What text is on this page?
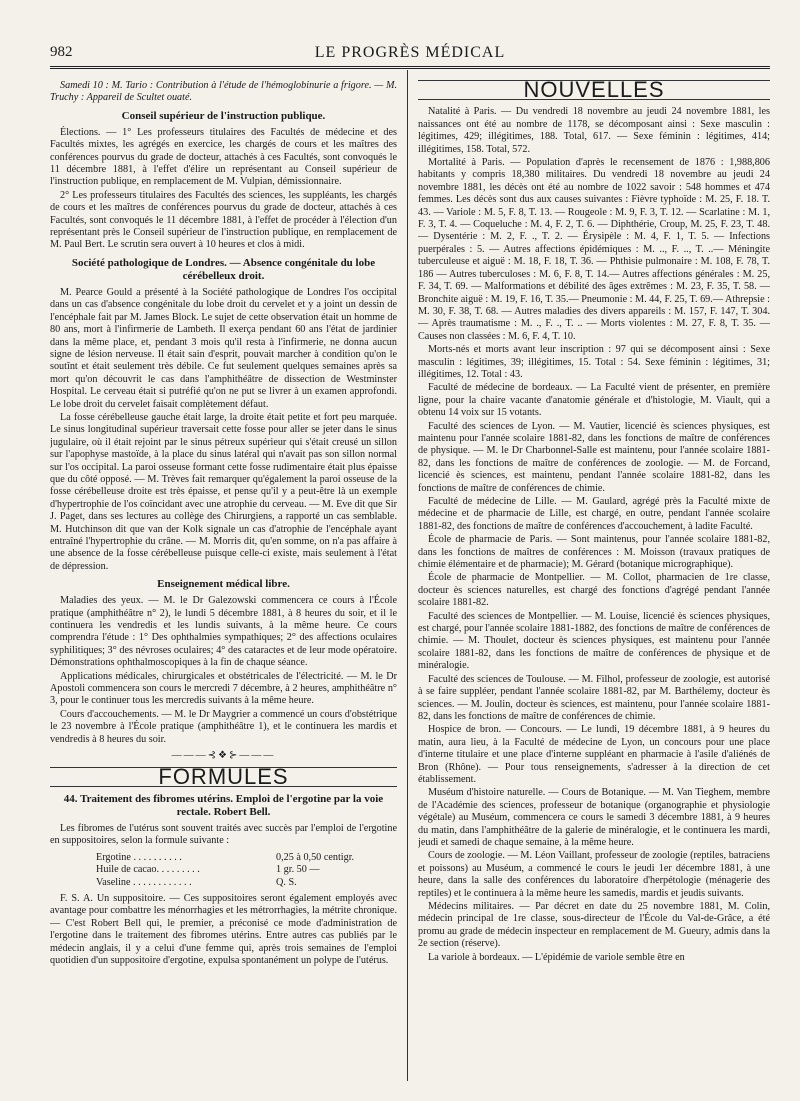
982	LE PROGRÈS MÉDICAL

Samedi 10 : M. Tario : Contribution à l'étude de l'hémoglobinurie a frigore. — M. Truchy : Appareil de Scultet ouaté.

Conseil supérieur de l'instruction publique.

Élections. — 1° Les professeurs titulaires des Facultés de médecine et des Facultés mixtes, les agrégés en exercice, les chargés de cours et les maîtres des conférences pourvus du grade de docteur, attachés à ces Facultés, sont convoqués le 11 décembre 1881, à l'effet d'élire un représentant au Conseil supérieur de l'instruction publique, en remplacement de M. Vulpian, démissionnaire.

2° Les professeurs titulaires des Facultés des sciences, les suppléants, les chargés de cours et les maîtres de conférences pourvus du grade de docteur, attachés à ces Facultés, sont convoqués le 11 décembre 1881, à l'effet de procéder à l'élection d'un représentant près le Conseil supérieur de l'instruction publique, en remplacement de M. Paul Bert. Le scrutin sera ouvert à 10 heures et clos à midi.

Société pathologique de Londres. — Absence congénitale du lobe cérébelleux droit.

M. Pearce Gould a présenté à la Société pathologique de Londres l'os occipital dans un cas d'absence congénitale du lobe droit du cervelet et y a joint un dessin de l'encéphale fait par M. James Block. Le sujet de cette observation était un homme de 80 ans, mort à l'infirmerie de Lambeth. Il exerça pendant 60 ans l'état de jardinier dans la même place, et, pendant 3 mois qu'il resta à l'infirmerie, ne donna aucun signe de lésion nerveuse. Il était sain d'esprit, pouvait marcher à condition qu'on le soutînt et était seulement très débile. Ce fut seulement quelques semaines après sa mort qu'on découvrit le cas dans l'amphithéâtre de dissection de Westminster Hospital. Le cerveau était si putréfié qu'on ne put se livrer à un examen approfondi. Le lobe droit du cervelet faisait complètement défaut.

La fosse cérébelleuse gauche était large, la droite était petite et fort peu marquée. Le sinus longitudinal supérieur traversait cette fosse pour aller se jeter dans le sinus jugulaire, où il était rejoint par le sinus pétreux supérieur qui s'était creusé un sillon sur l'apophyse mastoïde, à la place du sinus latéral qui n'avait pas son sillon normal sur l'os occipital. La paroi osseuse formant cette fosse rudimentaire était plus épaisse que du côté opposé. — M. Trèves fait remarquer qu'également la paroi osseuse de la fosse cérébelleuse droite est très épaisse, et pense qu'il y a peut-être là un exemple d'hypertrophie de l'os coïncidant avec une atrophie du cerveau. — M. Eve dit que Sir J. Paget, dans ses lectures au collège des Chirurgiens, a rapporté un cas semblable. M. Hutchinson dit que van der Kolk signale un cas d'atrophie de l'encéphale ayant entraîné l'hypertrophie du crâne. — M. Morris dit, qu'en somme, on n'a pas affaire à une absence de la fosse cérébelleuse puisque celle-ci existe, mais seulement à l'état de dépression.

Enseignement médical libre.

Maladies des yeux. — M. le Dr Galezowski commencera ce cours à l'École pratique (amphithéâtre n° 2), le lundi 5 décembre 1881, à 8 heures du soir, et il le continuera les vendredis et les lundis suivants, à la même heure. Ce cours comprendra l'étude : 1° Des ophthalmies sympathiques; 2° des affections oculaires syphilitiques; 3° des névroses oculaires; 4° des cataractes et de leur mode opératoire. Démonstrations ophthalmoscopiques à la fin de chaque séance.

Applications médicales, chirurgicales et obstétricales de l'électricité. — M. le Dr Apostoli commencera son cours le mercredi 7 décembre, à 2 heures, amphithéâtre n° 3, pour le continuer tous les mercredis suivants à la même heure.

Cours d'accouchements. — M. le Dr Maygrier a commencé un cours d'obstétrique le 23 novembre à l'École pratique (amphithéâtre 1), et le continuera les mardis et vendredis à 8 heures du soir.

———⊰❖⊱———
FORMULES
44. Traitement des fibromes utérins. Emploi de l'ergotine par la voie rectale. Robert Bell.

Les fibromes de l'utérus sont souvent traités avec succès par l'emploi de l'ergotine en suppositoires, selon la formule suivante :

Ergotine . . . . . . . . . .	0,25 à 0,50 centigr.
Huile de cacao. . . . . . . . .	1 gr. 50 —
Vaseline . . . . . . . . . . . .	Q. S.

F. S. A. Un suppositoire. — Ces suppositoires seront également employés avec avantage pour combattre les ménorrhagies et les métrorrhagies, la métrite chronique. — C'est Robert Bell qui, le premier, a préconisé ce mode d'administration de l'ergotine dans le traitement des fibromes utérins. Entre autres cas publiés par le médecin anglais, il y a celui d'une femme qui, après trois semaines de l'emploi quotidien d'un suppositoire d'ergotine, expulsa spontanément un polype de l'utérus.

NOUVELLES

Natalité à Paris. — Du vendredi 18 novembre au jeudi 24 novembre 1881, les naissances ont été au nombre de 1178, se décomposant ainsi : Sexe masculin : légitimes, 429; illégitimes, 188. Total, 617. — Sexe féminin : légitimes, 414; illégitimes, 158. Total, 572.

Mortalité à Paris. — Population d'après le recensement de 1876 : 1,988,806 habitants y compris 18,380 militaires. Du vendredi 18 novembre au jeudi 24 novembre 1881, les décès ont été au nombre de 1022 savoir : 548 hommes et 474 femmes. Les décès sont dus aux causes suivantes : Fièvre typhoïde : M. 25, F. 18. T. 43. — Variole : M. 5, F. 8, T. 13. — Rougeole : M. 9, F. 3, T. 12. — Scarlatine : M. 1, F. 3, T. 4. — Coqueluche : M. 4, F. 2, T. 6. — Diphthérie, Croup, M. 25, F. 23, T. 48. — Dysentérie : M. 2, F. ., T. 2. — Érysipèle : M. 4, F. 1, T. 5. — Infections puerpérales : 5. — Autres affections épidémiques : M. .., F. .., T. ..— Méningite tuberculeuse et aiguë : M. 18, F. 18, T. 36. — Phthisie pulmonaire : M. 108, F. 78, T. 186 — Autres tuberculoses : M. 6, F. 8, T. 14.— Autres affections générales : M. 25, F. 34, T. 69. — Malformations et débilité des âges extrêmes : M. 23, F. 35, T. 58. — Bronchite aiguë : M. 19, F. 16, T. 35.— Pneumonie : M. 44, F. 25, T. 69.— Athrepsie : M. 30, F. 38, T. 68. — Autres maladies des divers appareils : M. 157, F. 147, T. 304. — Après traumatisme : M. ., F. ., T. .. — Morts violentes : M. 27, F. 8, T. 35. — Causes non classées : M. 6, F. 4, T. 10.

Morts-nés et morts avant leur inscription : 97 qui se décomposent ainsi : Sexe masculin : légitimes, 39; illégitimes, 15. Total : 54. Sexe féminin : légitimes, 31; illégitimes, 12. Total : 43.

Faculté de médecine de bordeaux. — La Faculté vient de présenter, en première ligne, pour la chaire vacante d'anatomie générale et d'histologie, M. Viault, qui a obtenu 14 voix sur 15 votants.

Faculté des sciences de Lyon. — M. Vautier, licencié ès sciences physiques, est maintenu pour l'année scolaire 1881-82, dans les fonctions de maître de conférences de physique. — M. le Dr Charbonnel-Salle est maintenu, pour l'année scolaire 1881-82, dans les fonctions de maître de conférences de zoologie. — M. de Forcand, licencié ès sciences, est maintenu, pendant l'année scolaire 1881-82, dans les fonctions de maître de conférences de chimie.

Faculté de médecine de Lille. — M. Gaulard, agrégé près la Faculté mixte de médecine et de pharmacie de Lille, est chargé, en outre, pendant l'année scolaire 1881-82, des fonctions de maître de conférences d'accouchement, à ladite Faculté.

École de pharmacie de Paris. — Sont maintenus, pour l'année scolaire 1881-82, dans les fonctions de maîtres de conférences : M. Moisson (travaux pratiques de chimie élémentaire et de pharmacie); M. Gérard (botanique micrographique).

École de pharmacie de Montpellier. — M. Collot, pharmacien de 1re classe, docteur ès sciences naturelles, est chargé des fonctions d'agrégé pendant l'année scolaire 1881-82.

Faculté des sciences de Montpellier. — M. Louise, licencié ès sciences physiques, est chargé, pour l'année scolaire 1881-1882, des fonctions de maître de conférences de chimie. — M. Thoulet, docteur ès sciences physiques, est maintenu pour l'année scolaire 1881-82, dans les fonctions de maître de conférences de physique et de minéralogie.

Faculté des sciences de Toulouse. — M. Filhol, professeur de zoologie, est autorisé à se faire suppléer, pendant l'année scolaire 1881-82, par M. Barthélemy, docteur ès sciences. — M. Joulin, docteur ès sciences, est maintenu, pour l'année scolaire 1881-82, dans les fonctions de maître de conférences de chimie.

Hospice de bron. — Concours. — Le lundi, 19 décembre 1881, à 9 heures du matin, aura lieu, à la Faculté de médecine de Lyon, un concours pour une place d'interne titulaire et une place d'interne suppléant en pharmacie à l'asile d'aliénés de Bron (Rhône). — Pour tous renseignements, s'adresser à la direction de cet établissement.

Muséum d'histoire naturelle. — Cours de Botanique. — M. Van Tieghem, membre de l'Académie des sciences, professeur de botanique (organographie et physiologie végétale) au Muséum, commencera ce cours le samedi 3 décembre 1881, à 9 heures du matin, dans l'amphithéâtre de la galerie de minéralogie, et le continuera les mardi, jeudi et samedi de chaque semaine, à la même heure.

Cours de zoologie. — M. Léon Vaillant, professeur de zoologie (reptiles, batraciens et poissons) au Muséum, a commencé le cours le jeudi 1er décembre 1881, à une heure, dans la salle des conférences du laboratoire d'herpétologie (ménagerie des reptiles) et le continuera à la même heure les samedis, mardis et jeudis suivants.

Médecins militaires. — Par décret en date du 25 novembre 1881, M. Colin, médecin principal de 1re classe, sous-directeur de l'École du Val-de-Grâce, a été promu au grade de médecin inspecteur en remplacement de M. Gueury, admis dans la 2e section (réserve).

La variole à bordeaux. — L'épidémie de variole semble être en
